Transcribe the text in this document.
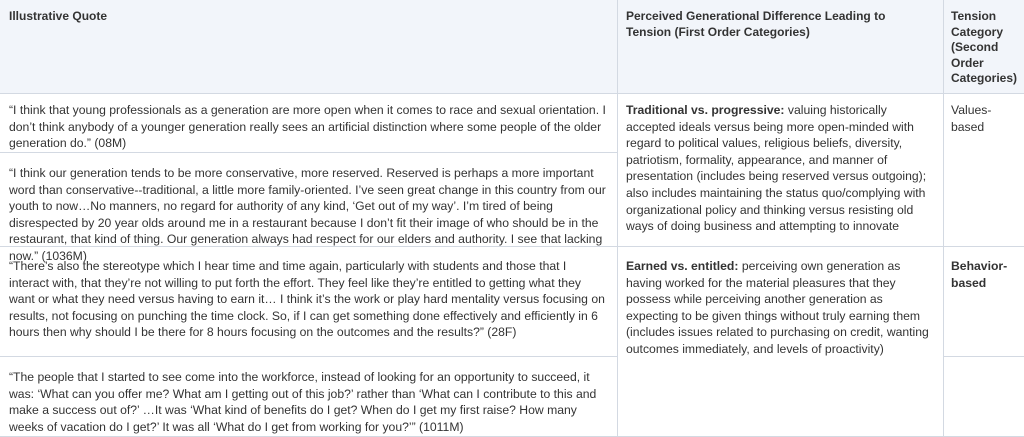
Illustrative Quote	Perceived Generational Difference Leading to Tension (First Order Categories)
Tension Category (Second Order Categories)
“I think that young professionals as a generation are more open when it comes to race and sexual orientation. I don’t think anybody of a younger generation really sees an artificial distinction where some people of the older generation do.” (08M)
“I think our generation tends to be more conservative, more reserved. Reserved is perhaps a more important word than conservative--traditional, a little more family-oriented. I’ve seen great change in this country from our youth to now…No manners, no regard for authority of any kind, ‘Get out of my way’. I’m tired of being disrespected by 20 year olds around me in a restaurant because I don’t fit their image of who should be in the restaurant, that kind of thing. Our generation always had respect for our elders and authority. I see that lacking now.” (1036M)
“There’s also the stereotype which I hear time and time again, particularly with students and those that I interact with, that they’re not willing to put forth the effort. They feel like they’re entitled to getting what they want or what they need versus having to earn it… I think it’s the work or play hard mentality versus focusing on results, not focusing on punching the time clock. So, if I can get something done effectively and efficiently in 6 hours then why should I be there for 8 hours focusing on the outcomes and the results?” (28F)
“The people that I started to see come into the workforce, instead of looking for an opportunity to succeed, it was: ‘What can you offer me? What am I getting out of this job?’ rather than ‘What can I contribute to this and make a success out of?’ …It was ‘What kind of benefits do I get? When do I get my first raise? How many weeks of vacation do I get?’ It was all ‘What do I get from working for you?’” (1011M)
Traditional vs. progressive: valuing historically accepted ideals versus being more open-minded with regard to political values, religious beliefs, diversity, patriotism, formality, appearance, and manner of presentation (includes being reserved versus outgoing); also includes maintaining the status quo/complying with organizational policy and thinking versus resisting old ways of doing business and attempting to innovate
Values-based
Earned vs. entitled: perceiving own generation as having worked for the material pleasures that they possess while perceiving another generation as expecting to be given things without truly earning them (includes issues related to purchasing on credit, wanting outcomes immediately, and levels of proactivity)
Behavior-based
